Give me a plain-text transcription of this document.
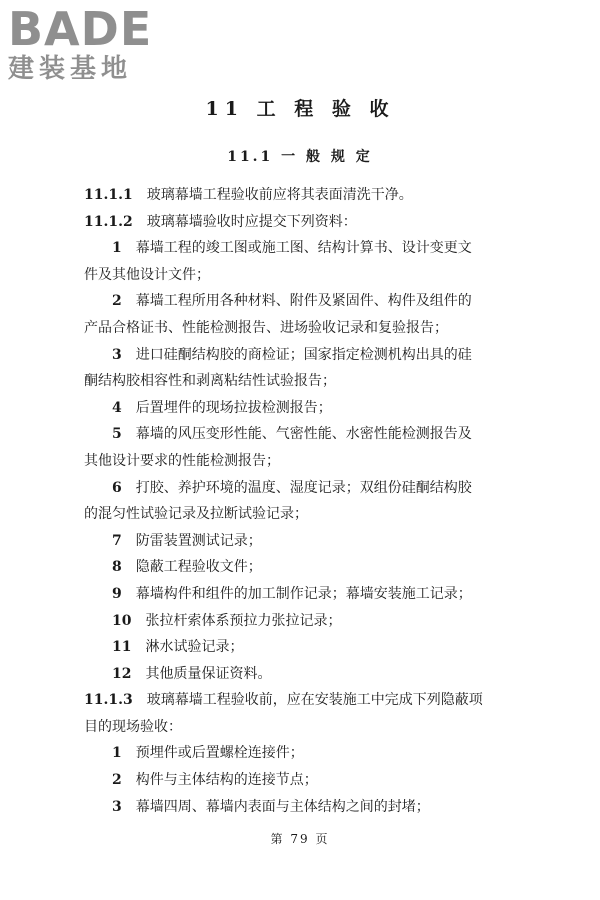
BADE
建装基地
11 工 程 验 收
11.1 一 般 规 定
11.1.1 玻璃幕墙工程验收前应将其表面清洗干净。
11.1.2 玻璃幕墙验收时应提交下列资料：
1 幕墙工程的竣工图或施工图、结构计算书、设计变更文
件及其他设计文件；
2 幕墙工程所用各种材料、附件及紧固件、构件及组件的
产品合格证书、性能检测报告、进场验收记录和复验报告；
3 进口硅酮结构胶的商检证；国家指定检测机构出具的硅
酮结构胶相容性和剥离粘结性试验报告；
4 后置埋件的现场拉拔检测报告；
5 幕墙的风压变形性能、气密性能、水密性能检测报告及
其他设计要求的性能检测报告；
6 打胶、养护环境的温度、湿度记录；双组份硅酮结构胶
的混匀性试验记录及拉断试验记录；
7 防雷装置测试记录；
8 隐蔽工程验收文件；
9 幕墙构件和组件的加工制作记录；幕墙安装施工记录；
10 张拉杆索体系预拉力张拉记录；
11 淋水试验记录；
12 其他质量保证资料。
11.1.3 玻璃幕墙工程验收前，应在安装施工中完成下列隐蔽项
目的现场验收：
1 预埋件或后置螺栓连接件；
2 构件与主体结构的连接节点；
3 幕墙四周、幕墙内表面与主体结构之间的封堵；
第 79 页
